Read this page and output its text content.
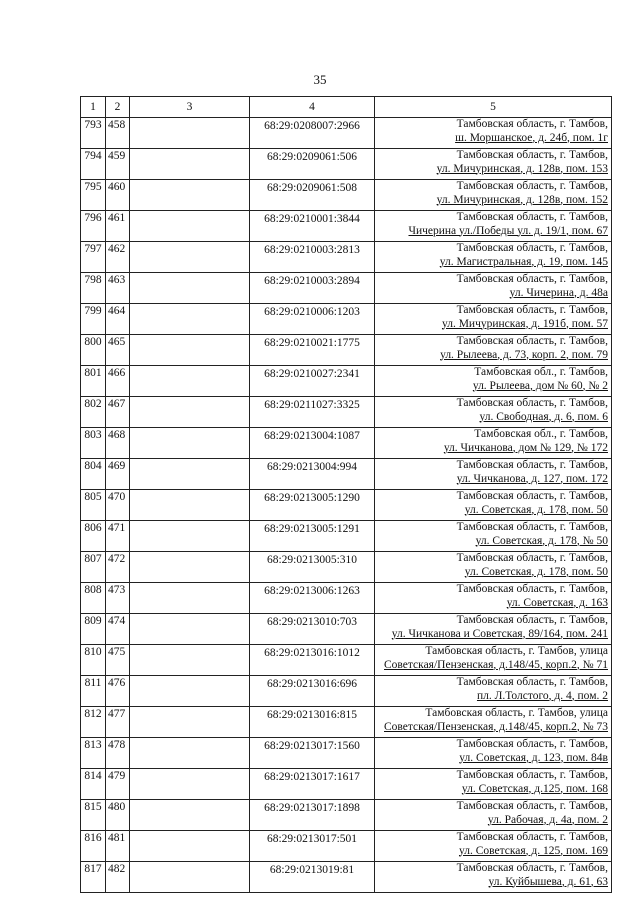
35
1	2	3	4	5
793	458		68:29:0208007:2966	Тамбовская область, г. Тамбов,
ш. Моршанское, д. 24б, пом. 1г

794	459		68:29:0209061:506	Тамбовская область, г. Тамбов,
ул. Мичуринская, д. 128в, пом. 153

795	460		68:29:0209061:508	Тамбовская область, г. Тамбов,
ул. Мичуринская, д. 128в, пом. 152

796	461		68:29:0210001:3844	Тамбовская область, г. Тамбов,
Чичерина ул./Победы ул. д. 19/1, пом. 67

797	462		68:29:0210003:2813	Тамбовская область, г. Тамбов,
ул. Магистральная, д. 19, пом. 145

798	463		68:29:0210003:2894	Тамбовская область, г. Тамбов,
ул. Чичерина, д. 48а

799	464		68:29:0210006:1203	Тамбовская область, г. Тамбов,
ул. Мичуринская, д. 191б, пом. 57

800	465		68:29:0210021:1775	Тамбовская область, г. Тамбов,
ул. Рылеева, д. 73, корп. 2, пом. 79

801	466		68:29:0210027:2341	Тамбовская обл., г. Тамбов,
ул. Рылеева, дом № 60, № 2

802	467		68:29:0211027:3325	Тамбовская область, г. Тамбов,
ул. Свободная, д. 6, пом. 6

803	468		68:29:0213004:1087	Тамбовская обл., г. Тамбов,
ул. Чичканова, дом № 129, № 172

804	469		68:29:0213004:994	Тамбовская область, г. Тамбов,
ул. Чичканова, д. 127, пом. 172

805	470		68:29:0213005:1290	Тамбовская область, г. Тамбов,
ул. Советская, д. 178, пом. 50

806	471		68:29:0213005:1291	Тамбовская область, г. Тамбов,
ул. Советская, д. 178, № 50

807	472		68:29:0213005:310	Тамбовская область, г. Тамбов,
ул. Советская, д. 178, пом. 50

808	473		68:29:0213006:1263	Тамбовская область, г. Тамбов,
ул. Советская, д. 163

809	474		68:29:0213010:703	Тамбовская область, г. Тамбов,
ул. Чичканова и Советская, 89/164, пом. 241

810	475		68:29:0213016:1012	Тамбовская область, г. Тамбов, улица
Советская/Пензенская, д.148/45, корп.2, № 71

811	476		68:29:0213016:696	Тамбовская область, г. Тамбов,
пл. Л.Толстого, д. 4, пом. 2

812	477		68:29:0213016:815	Тамбовская область, г. Тамбов, улица
Советская/Пензенская, д.148/45, корп.2, № 73

813	478		68:29:0213017:1560	Тамбовская область, г. Тамбов,
ул. Советская, д. 123, пом. 84в

814	479		68:29:0213017:1617	Тамбовская область, г. Тамбов,
ул. Советская, д.125, пом. 168

815	480		68:29:0213017:1898	Тамбовская область, г. Тамбов,
ул. Рабочая, д. 4а, пом. 2

816	481		68:29:0213017:501	Тамбовская область, г. Тамбов,
ул. Советская, д. 125, пом. 169

817	482		68:29:0213019:81	Тамбовская область, г. Тамбов,
ул. Куйбышева, д. 61, 63
